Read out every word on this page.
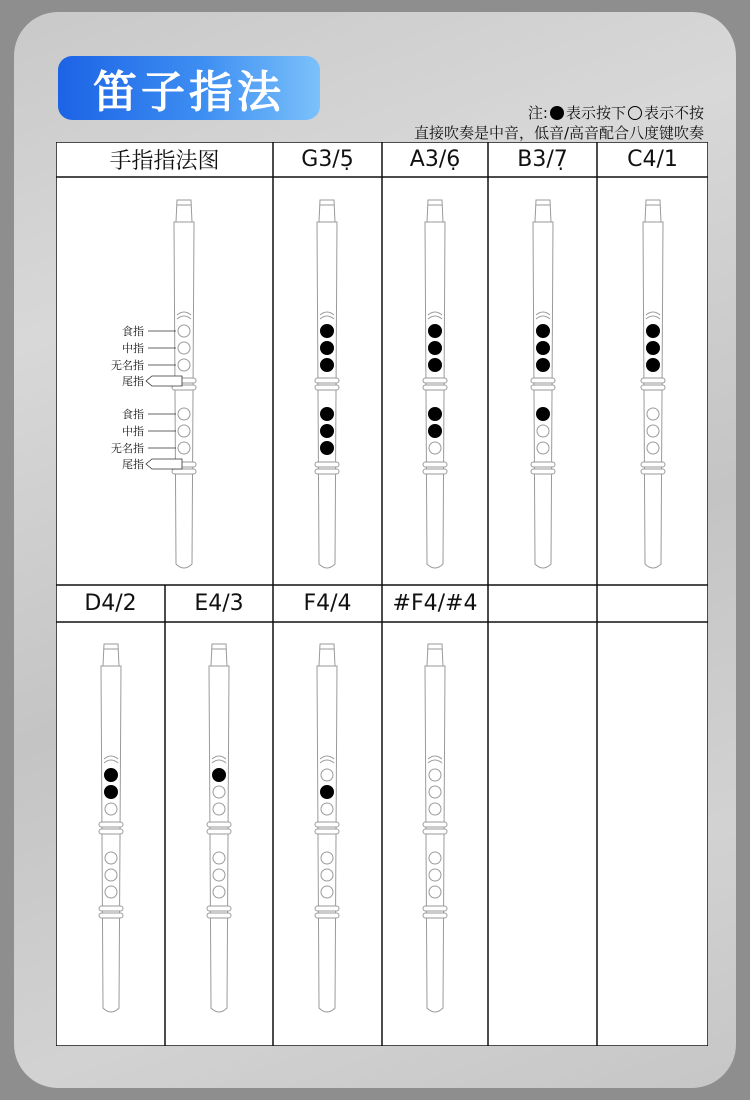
笛子指法	注: 表示按下 表示不按
直接吹奏是中音，低音/高音配合八度键吹奏
食指
中指
无名指
尾指
食指
中指
无名指
尾指
手指指法图	G3/5̣	A3/6̣	B3/7̣	C4/1
D4/2	E4/3	F4/4	#F4/#4
